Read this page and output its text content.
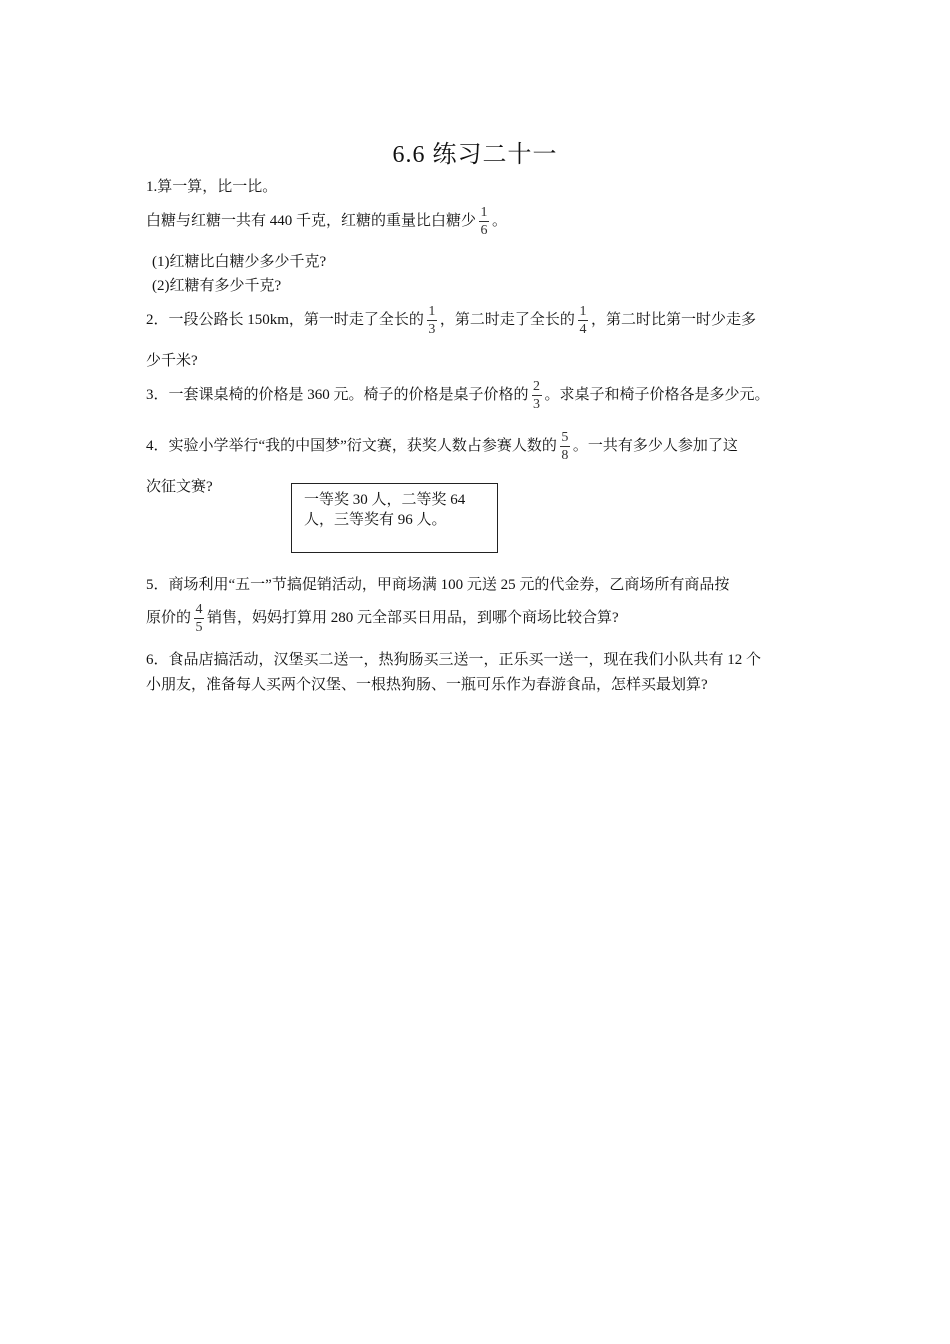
6.6 练习二十一
1.算一算，比一比。
白糖与红糖一共有 440 千克，红糖的重量比白糖少 $\frac{1}{6}$ 。
(1)红糖比白糖少多少千克?
(2)红糖有多少千克?
2．一段公路长 150km，第一时走了全长的 $\frac{1}{3}$ ，第二时走了全长的 $\frac{1}{4}$ ，第二时比第一时少走多
少千米?
3．一套课桌椅的价格是 360 元。椅子的价格是桌子价格的 $\frac{2}{3}$ 。求桌子和椅子价格各是多少元。
4．实验小学举行“我的中国梦”衍文赛，获奖人数占参赛人数的 $\frac{5}{8}$ 。一共有多少人参加了这
次征文赛?
一等奖 30 人，二等奖 64
人，三等奖有 96 人。
5．商场利用“五一”节搞促销活动，甲商场满 100 元送 25 元的代金券，乙商场所有商品按
原价的 $\frac{4}{5}$ 销售，妈妈打算用 280 元全部买日用品，到哪个商场比较合算?
6．食品店搞活动，汉堡买二送一，热狗肠买三送一，正乐买一送一，现在我们小队共有 12 个
小朋友，准备每人买两个汉堡、一根热狗肠、一瓶可乐作为春游食品，怎样买最划算?
